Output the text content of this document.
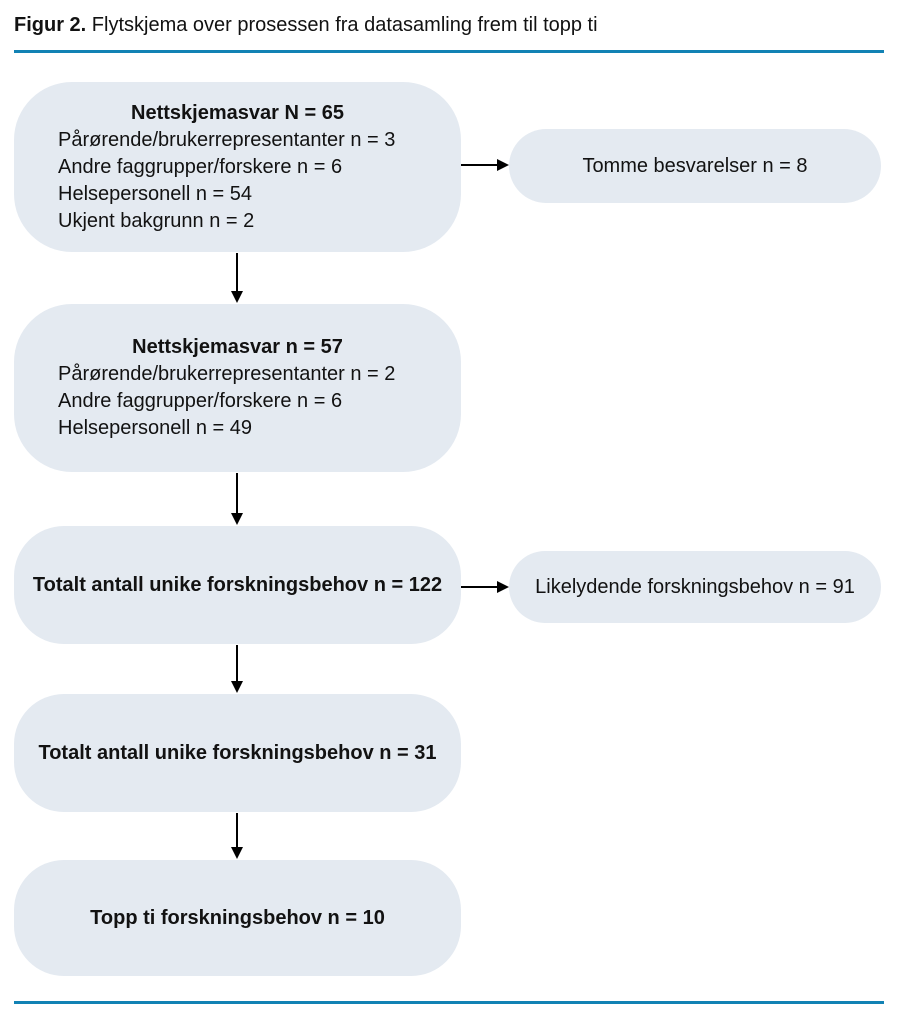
Figur 2. Flytskjema over prosessen fra datasamling frem til topp ti
Nettskjemasvar N = 65
Pårørende/brukerrepresentanter n = 3
Andre faggrupper/forskere n = 6
Helsepersonell n = 54
Ukjent bakgrunn n = 2
Tomme besvarelser n = 8
Nettskjemasvar n = 57
Pårørende/brukerrepresentanter n = 2
Andre faggrupper/forskere n = 6
Helsepersonell n = 49
Totalt antall unike forskningsbehov n = 122	Likelydende forskningsbehov n = 91
Totalt antall unike forskningsbehov n = 31
Topp ti forskningsbehov n = 10
